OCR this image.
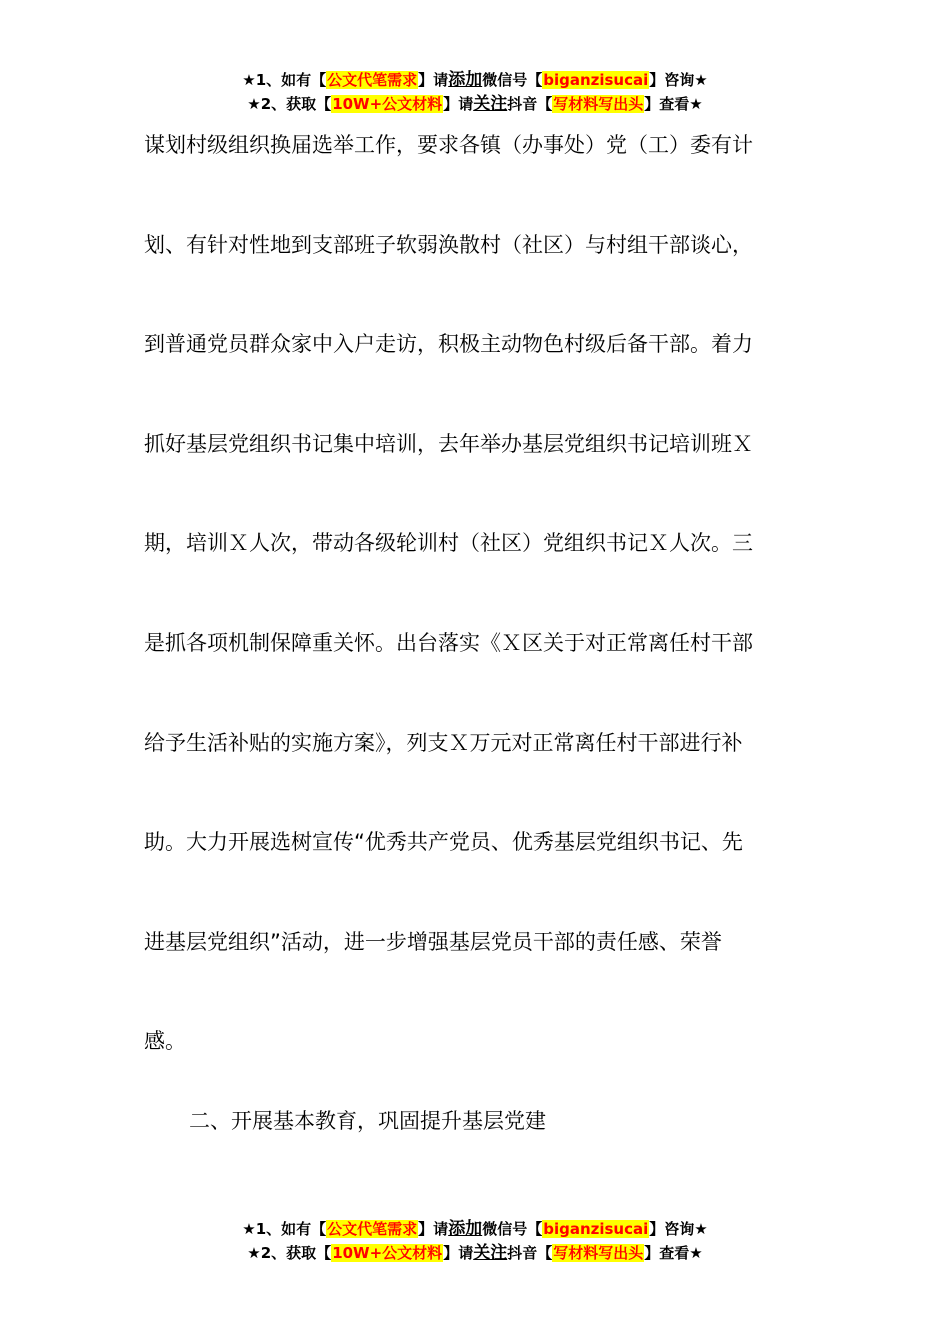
★1、如有【公文代笔需求】请添加微信号【biganzisucai】咨询★
★2、获取【10W+公文材料】请关注抖音【写材料写出头】查看★
谋划村级组织换届选举工作，要求各镇（办事处）党（工）委有计
划、有针对性地到支部班子软弱涣散村（社区）与村组干部谈心，
到普通党员群众家中入户走访，积极主动物色村级后备干部。着力
抓好基层党组织书记集中培训，去年举办基层党组织书记培训班Ｘ
期，培训Ｘ人次，带动各级轮训村（社区）党组织书记Ｘ人次。三
是抓各项机制保障重关怀。出台落实《Ｘ区关于对正常离任村干部
给予生活补贴的实施方案》，列支Ｘ万元对正常离任村干部进行补
助。大力开展选树宣传“优秀共产党员、优秀基层党组织书记、先
进基层党组织”活动，进一步增强基层党员干部的责任感、荣誉
感。
二、开展基本教育，巩固提升基层党建
★1、如有【公文代笔需求】请添加微信号【biganzisucai】咨询★
★2、获取【10W+公文材料】请关注抖音【写材料写出头】查看★
